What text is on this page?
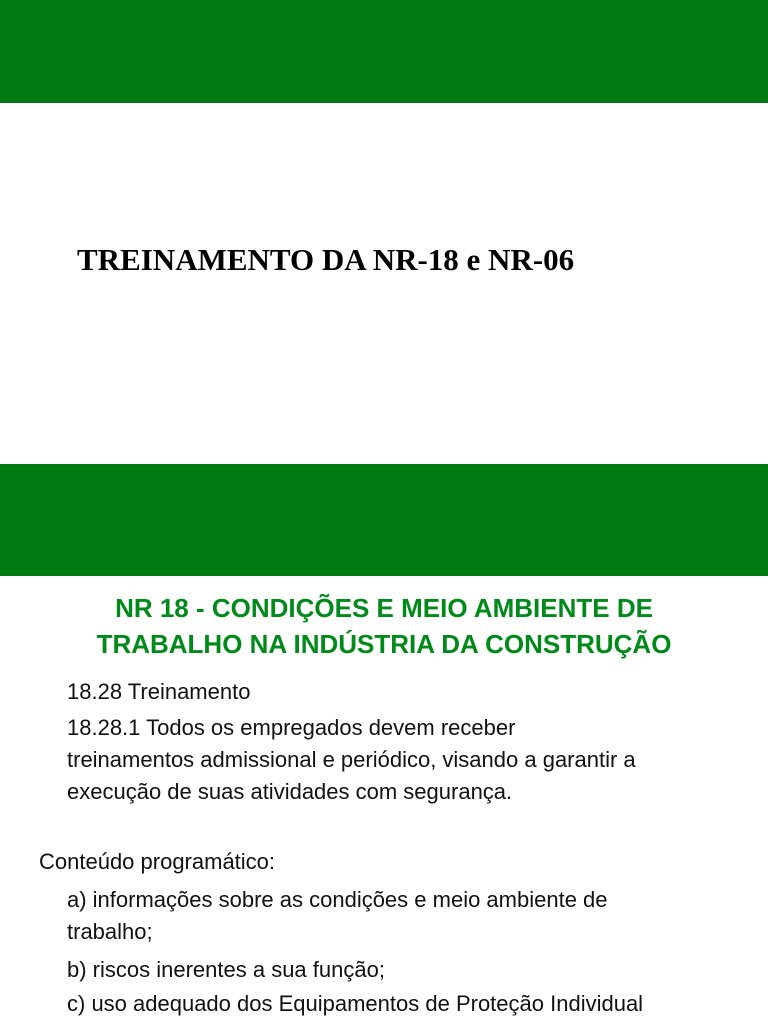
TREINAMENTO DA NR-18 e NR-06
NR 18 - CONDIÇÕES E MEIO AMBIENTE DE
TRABALHO NA INDÚSTRIA DA CONSTRUÇÃO

18.28 Treinamento

18.28.1 Todos os empregados devem receber
treinamentos admissional e periódico, visando a garantir a
execução de suas atividades com segurança.

Conteúdo programático:

a) informações sobre as condições e meio ambiente de
trabalho;

b) riscos inerentes a sua função;

c) uso adequado dos Equipamentos de Proteção Individual
